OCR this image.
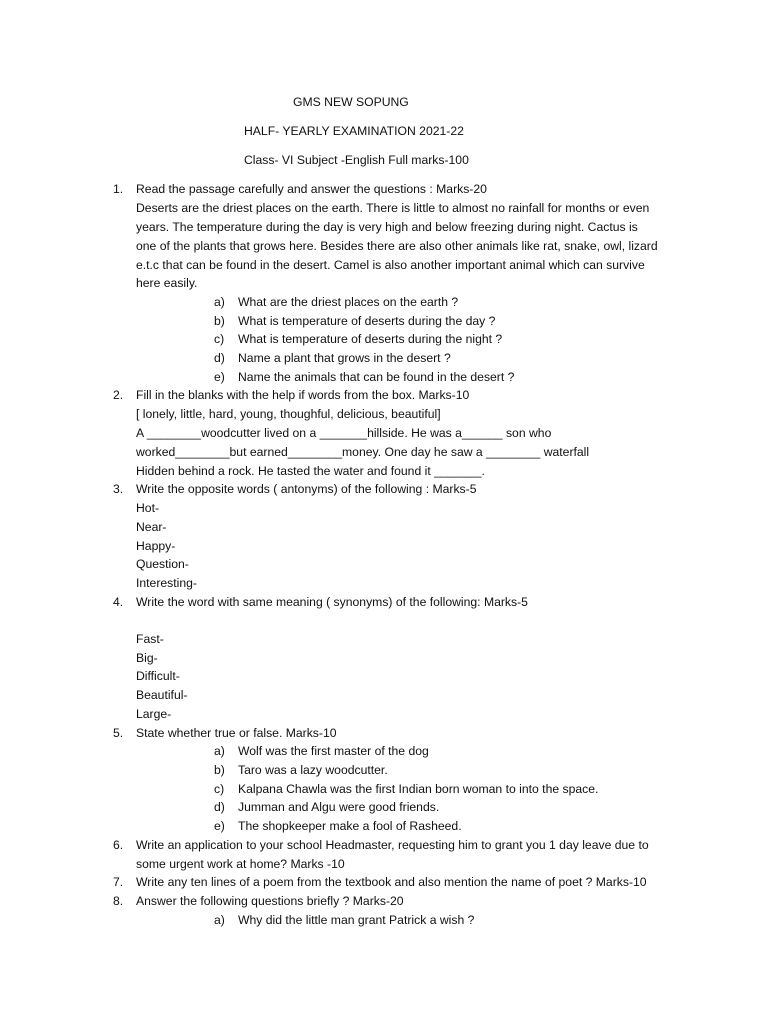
GMS NEW SOPUNG
HALF- YEARLY EXAMINATION 2021-22
Class- VI Subject -English Full marks-100
1. Read the passage carefully and answer the questions : Marks-20
Deserts are the driest places on the earth. There is little to almost no rainfall for months or even
years. The temperature during the day is very high and below freezing during night. Cactus is
one of the plants that grows here. Besides there are also other animals like rat, snake, owl, lizard
e.t.c that can be found in the desert. Camel is also another important animal which can survive
here easily.
a) What are the driest places on the earth ?
b) What is temperature of deserts during the day ?
c) What is temperature of deserts during the night ?
d) Name a plant that grows in the desert ?
e) Name the animals that can be found in the desert ?
2. Fill in the blanks with the help if words from the box. Marks-10
[ lonely, little, hard, young, thoughful, delicious, beautiful]
A ________woodcutter lived on a _______hillside. He was a______ son who
worked________but earned________money. One day he saw a ________ waterfall
Hidden behind a rock. He tasted the water and found it _______.
3. Write the opposite words ( antonyms) of the following : Marks-5
Hot-
Near-
Happy-
Question-
Interesting-
4. Write the word with same meaning ( synonyms) of the following: Marks-5
Fast-
Big-
Difficult-
Beautiful-
Large-
5. State whether true or false. Marks-10
a) Wolf was the first master of the dog
b) Taro was a lazy woodcutter.
c) Kalpana Chawla was the first Indian born woman to into the space.
d) Jumman and Algu were good friends.
e) The shopkeeper make a fool of Rasheed.
6. Write an application to your school Headmaster, requesting him to grant you 1 day leave due to
some urgent work at home? Marks -10
7. Write any ten lines of a poem from the textbook and also mention the name of poet ? Marks-10
8. Answer the following questions briefly ? Marks-20
a) Why did the little man grant Patrick a wish ?
